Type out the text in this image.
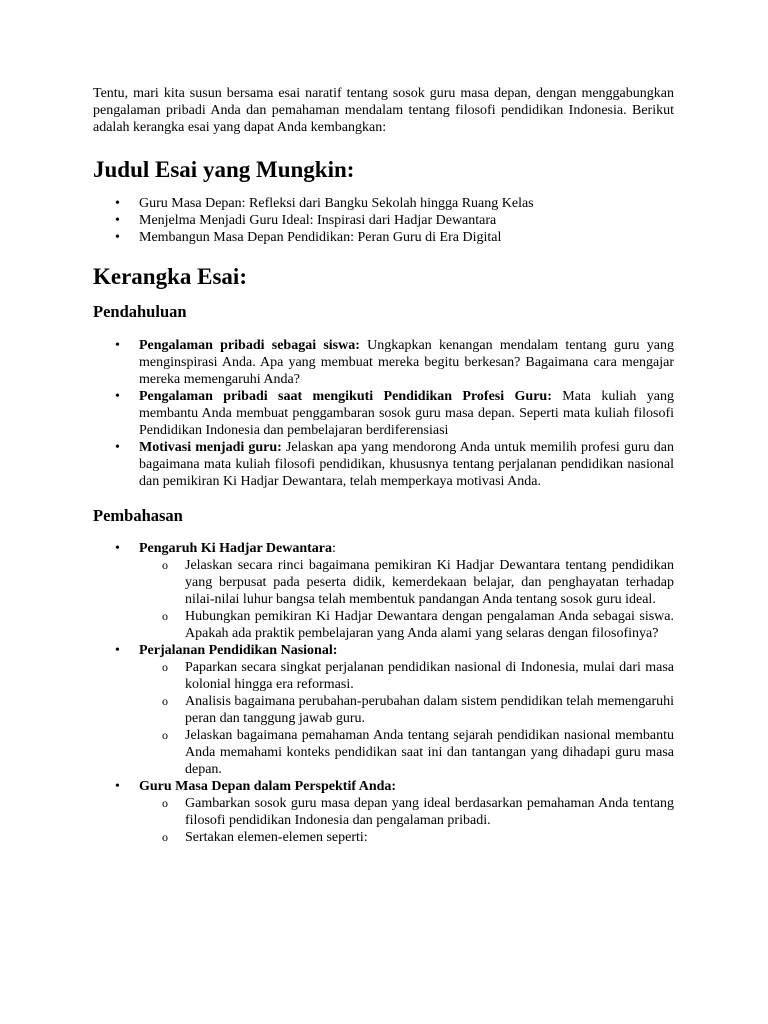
Tentu, mari kita susun bersama esai naratif tentang sosok guru masa depan, dengan menggabungkan pengalaman pribadi Anda dan pemahaman mendalam tentang filosofi pendidikan Indonesia. Berikut adalah kerangka esai yang dapat Anda kembangkan:

Judul Esai yang Mungkin:
• Guru Masa Depan: Refleksi dari Bangku Sekolah hingga Ruang Kelas
• Menjelma Menjadi Guru Ideal: Inspirasi dari Hadjar Dewantara
• Membangun Masa Depan Pendidikan: Peran Guru di Era Digital
Kerangka Esai:
Pendahuluan
• Pengalaman pribadi sebagai siswa: Ungkapkan kenangan mendalam tentang guru yang menginspirasi Anda. Apa yang membuat mereka begitu berkesan? Bagaimana cara mengajar mereka memengaruhi Anda?
• Pengalaman pribadi saat mengikuti Pendidikan Profesi Guru: Mata kuliah yang membantu Anda membuat penggambaran sosok guru masa depan. Seperti mata kuliah filosofi Pendidikan Indonesia dan pembelajaran berdiferensiasi
• Motivasi menjadi guru: Jelaskan apa yang mendorong Anda untuk memilih profesi guru dan bagaimana mata kuliah filosofi pendidikan, khususnya tentang perjalanan pendidikan nasional dan pemikiran Ki Hadjar Dewantara, telah memperkaya motivasi Anda.
Pembahasan
• Pengaruh Ki Hadjar Dewantara:
o Jelaskan secara rinci bagaimana pemikiran Ki Hadjar Dewantara tentang pendidikan yang berpusat pada peserta didik, kemerdekaan belajar, dan penghayatan terhadap nilai-nilai luhur bangsa telah membentuk pandangan Anda tentang sosok guru ideal.
o Hubungkan pemikiran Ki Hadjar Dewantara dengan pengalaman Anda sebagai siswa. Apakah ada praktik pembelajaran yang Anda alami yang selaras dengan filosofinya?
• Perjalanan Pendidikan Nasional:
o Paparkan secara singkat perjalanan pendidikan nasional di Indonesia, mulai dari masa kolonial hingga era reformasi.
o Analisis bagaimana perubahan-perubahan dalam sistem pendidikan telah memengaruhi peran dan tanggung jawab guru.
o Jelaskan bagaimana pemahaman Anda tentang sejarah pendidikan nasional membantu Anda memahami konteks pendidikan saat ini dan tantangan yang dihadapi guru masa depan.
• Guru Masa Depan dalam Perspektif Anda:
o Gambarkan sosok guru masa depan yang ideal berdasarkan pemahaman Anda tentang filosofi pendidikan Indonesia dan pengalaman pribadi.
o Sertakan elemen-elemen seperti:
